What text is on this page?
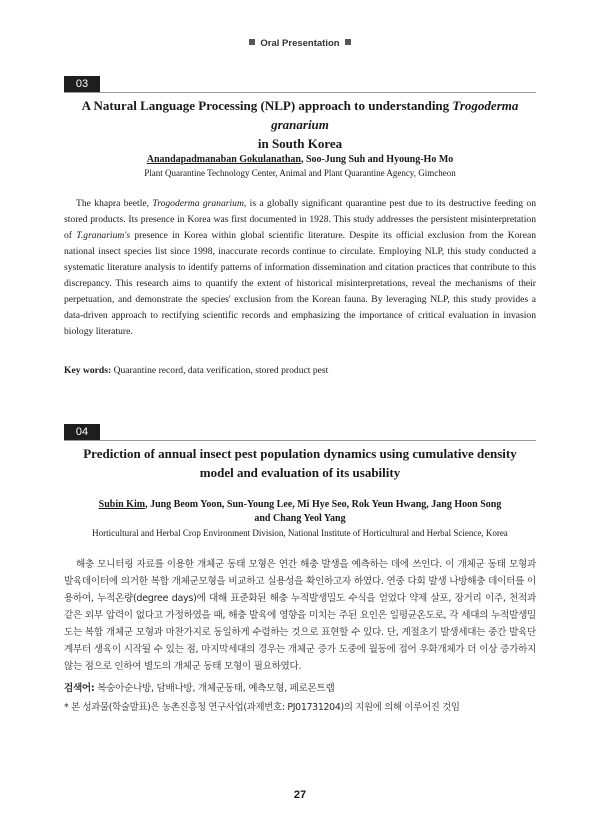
Oral Presentation
03
A Natural Language Processing (NLP) approach to understanding Trogoderma granarium
in South Korea
Anandapadmanaban Gokulanathan, Soo-Jung Suh and Hyoung-Ho Mo
Plant Quarantine Technology Center, Animal and Plant Quarantine Agency, Gimcheon

The khapra beetle, Trogoderma granarium, is a globally significant quarantine pest due to its destructive feeding on stored products. Its presence in Korea was first documented in 1928. This study addresses the persistent misinterpretation of T.granarium's presence in Korea within global scientific literature. Despite its official exclusion from the Korean national insect species list since 1998, inaccurate records continue to circulate. Employing NLP, this study conducted a systematic literature analysis to identify patterns of information dissemination and citation practices that contribute to this discrepancy. This research aims to quantify the extent of historical misinterpretations, reveal the mechanisms of their perpetuation, and demonstrate the species' exclusion from the Korean fauna. By leveraging NLP, this study provides a data-driven approach to rectifying scientific records and emphasizing the importance of critical evaluation in invasion biology literature.

Key words: Quarantine record, data verification, stored product pest
04
Prediction of annual insect pest population dynamics using cumulative density
model and evaluation of its usability
Subin Kim, Jung Beom Yoon, Sun-Young Lee, Mi Hye Seo, Rok Yeun Hwang, Jang Hoon Song
and Chang Yeol Yang
Horticultural and Herbal Crop Environment Division, National Institute of Horticultural and Herbal Science, Korea

해충 모니터링 자료를 이용한 개체군 동태 모형은 연간 해충 발생을 예측하는 데에 쓰인다. 이 개체군 동태 모형과 발육데이터에 의거한 복합 개체군모형을 비교하고 실용성을 확인하고자 하였다. 연중 다회 발생 나방해충 데이터를 이용하여, 누적온량(degree days)에 대해 표준화된 해충 누적발생밀도 수식을 얻었다 약제 살포, 장거리 이주, 천적과 같은 외부 압력이 없다고 가정하였을 때, 해충 발육에 영향을 미치는 주된 요인은 일평균온도로, 각 세대의 누적발생밀도는 복합 개체군 모형과 마찬가지로 동일하게 수렴하는 것으로 표현할 수 있다. 단, 계절초기 발생세대는 중간 발육단계부터 생육이 시작될 수 있는 점, 마지막세대의 경우는 개체군 증가 도중에 월동에 접어 우화개체가 더 이상 증가하지 않는 점으로 인하여 별도의 개체군 동태 모형이 필요하였다.

검색어: 복숭아순나방, 담배나방, 개체군동태, 예측모형, 페로몬트랩
* 본 성과물(학술발표)은 농촌진흥청 연구사업(과제번호: PJ01731204)의 지원에 의해 이루어진 것임
27
